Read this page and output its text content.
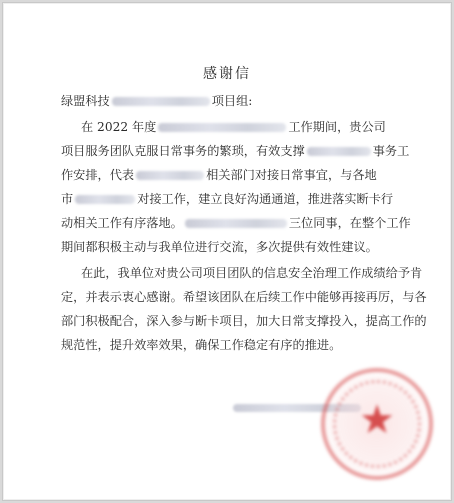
感谢信
绿盟科技	项目组:
在 2022 年度	工作期间，贵公司
项目服务团队克服日常事务的繁琐，有效支撑	事务工
作安排，代表	相关部门对接日常事宜，与各地
市	对接工作，建立良好沟通通道，推进落实断卡行
动相关工作有序落地。	三位同事，在整个工作
期间都积极主动与我单位进行交流，多次提供有效性建议。
在此，我单位对贵公司项目团队的信息安全治理工作成绩给予肯
定，并表示衷心感谢。希望该团队在后续工作中能够再接再厉，与各
部门积极配合，深入参与断卡项目，加大日常支撑投入，提高工作的
规范性，提升效率效果，确保工作稳定有序的推进。
★
